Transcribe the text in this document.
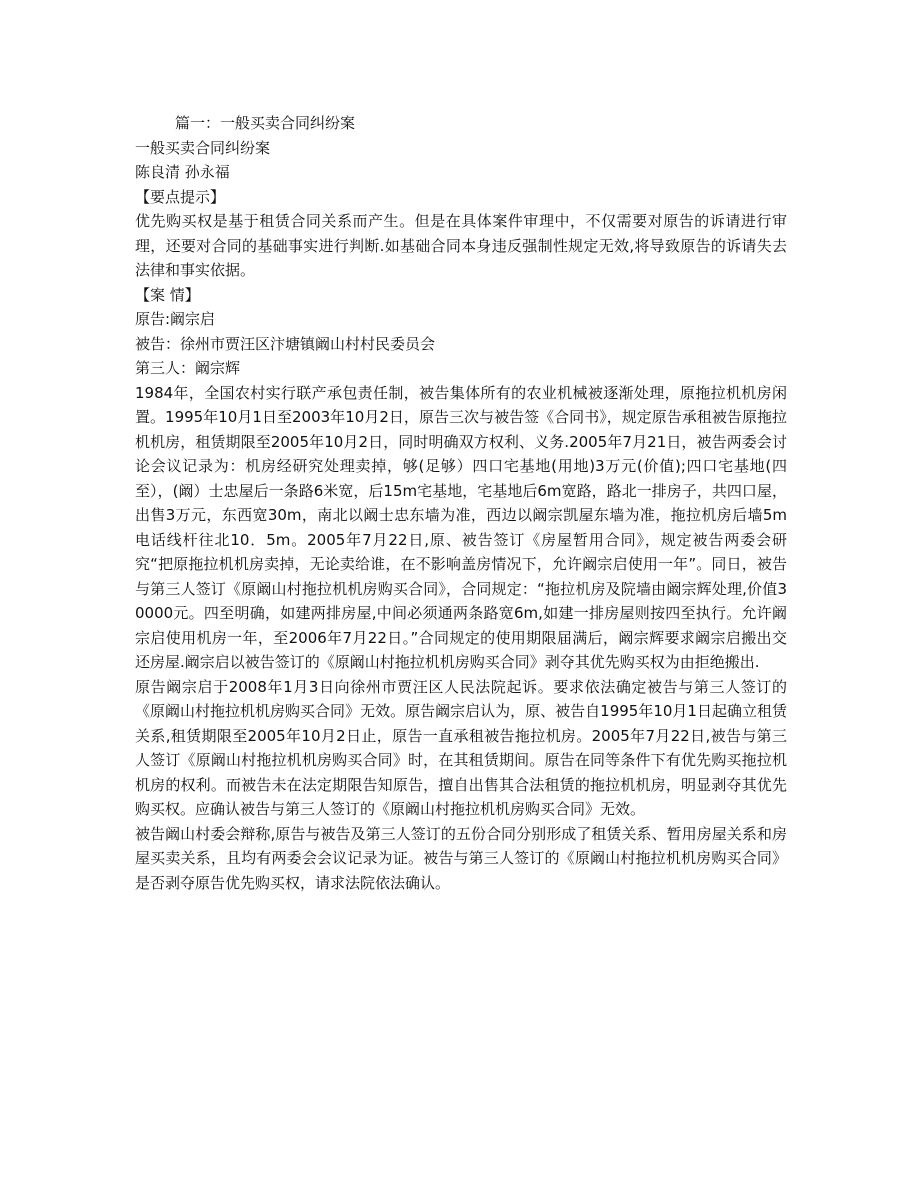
篇一：一般买卖合同纠纷案
一般买卖合同纠纷案
陈良清 孙永福
【要点提示】
优先购买权是基于租赁合同关系而产生。但是在具体案件审理中，不仅需要对原告的诉请进行审理，还要对合同的基础事实进行判断.如基础合同本身违反强制性规定无效,将导致原告的诉请失去法律和事实依据。
【案 情】
原告:阚宗启
被告：徐州市贾汪区汴塘镇阚山村村民委员会
第三人：阚宗辉
1984年，全国农村实行联产承包责任制，被告集体所有的农业机械被逐渐处理，原拖拉机机房闲置。1995年10月1日至2003年10月2日，原告三次与被告签《合同书》，规定原告承租被告原拖拉机机房，租赁期限至2005年10月2日，同时明确双方权利、义务.2005年7月21日，被告两委会讨论会议记录为：机房经研究处理卖掉，够(足够）四口宅基地(用地)3万元(价值);四口宅基地(四至），(阚）士忠屋后一条路6米宽，后15m宅基地，宅基地后6m宽路，路北一排房子，共四口屋，出售3万元，东西宽30m，南北以阚士忠东墙为准，西边以阚宗凯屋东墙为准，拖拉机房后墙5m电话线杆往北10．5m。2005年7月22日,原、被告签订《房屋暂用合同》，规定被告两委会研究“把原拖拉机机房卖掉，无论卖给谁，在不影响盖房情况下，允许阚宗启使用一年”。同日，被告与第三人签订《原阚山村拖拉机机房购买合同》，合同规定：“拖拉机房及院墙由阚宗辉处理,价值30000元。四至明确，如建两排房屋,中间必须通两条路宽6m,如建一排房屋则按四至执行。允许阚宗启使用机房一年，至2006年7月22日。”合同规定的使用期限届满后，阚宗辉要求阚宗启搬出交还房屋.阚宗启以被告签订的《原阚山村拖拉机机房购买合同》剥夺其优先购买权为由拒绝搬出.
原告阚宗启于2008年1月3日向徐州市贾汪区人民法院起诉。要求依法确定被告与第三人签订的《原阚山村拖拉机机房购买合同》无效。原告阚宗启认为，原、被告自1995年10月1日起确立租赁关系,租赁期限至2005年10月2日止，原告一直承租被告拖拉机房。2005年7月22日,被告与第三人签订《原阚山村拖拉机机房购买合同》时，在其租赁期间。原告在同等条件下有优先购买拖拉机机房的权利。而被告未在法定期限告知原告，擅自出售其合法租赁的拖拉机机房，明显剥夺其优先购买权。应确认被告与第三人签订的《原阚山村拖拉机机房购买合同》无效。
被告阚山村委会辩称,原告与被告及第三人签订的五份合同分别形成了租赁关系、暂用房屋关系和房屋买卖关系，且均有两委会会议记录为证。被告与第三人签订的《原阚山村拖拉机机房购买合同》是否剥夺原告优先购买权，请求法院依法确认。
